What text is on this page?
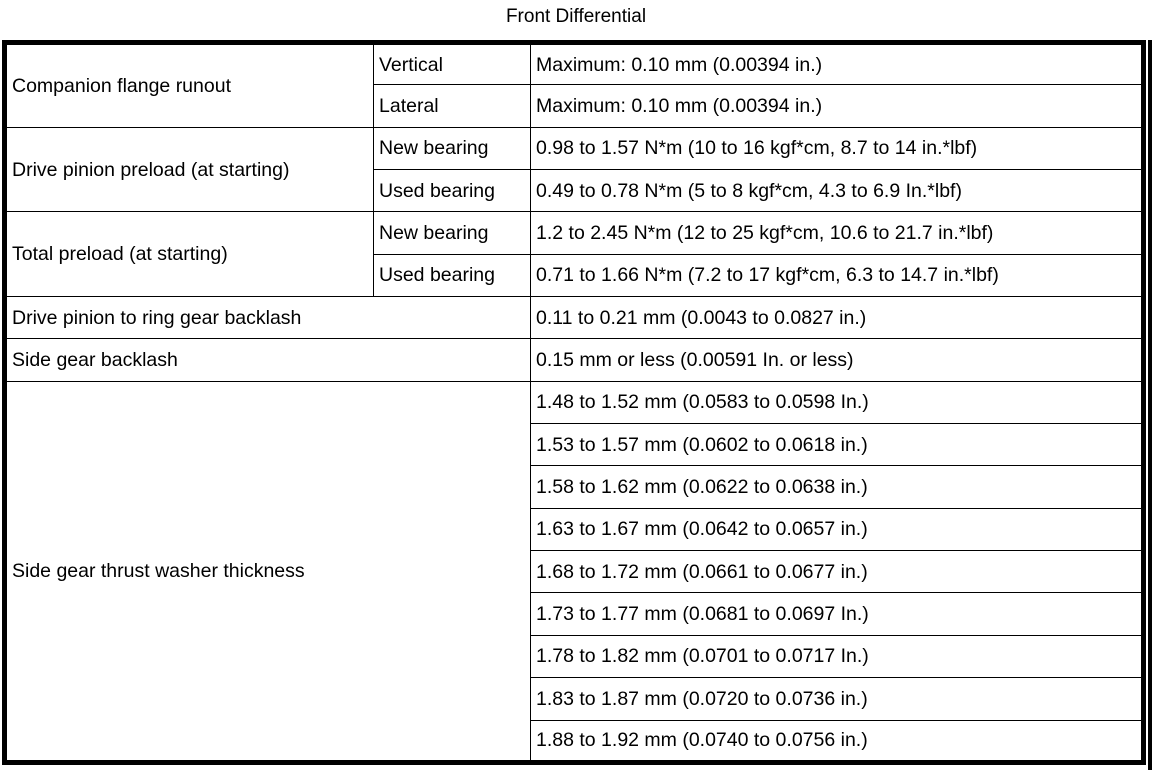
Front Differential
Companion flange runout	Vertical	Maximum: 0.10 mm (0.00394 in.)
	Lateral	Maximum: 0.10 mm (0.00394 in.)
Drive pinion preload (at starting)	New bearing	0.98 to 1.57 N*m (10 to 16 kgf*cm, 8.7 to 14 in.*lbf)
	Used bearing	0.49 to 0.78 N*m (5 to 8 kgf*cm, 4.3 to 6.9 In.*lbf)
Total preload (at starting)	New bearing	1.2 to 2.45 N*m (12 to 25 kgf*cm, 10.6 to 21.7 in.*lbf)
	Used bearing	0.71 to 1.66 N*m (7.2 to 17 kgf*cm, 6.3 to 14.7 in.*lbf)
Drive pinion to ring gear backlash		0.11 to 0.21 mm (0.0043 to 0.0827 in.)
Side gear backlash		0.15 mm or less (0.00591 In. or less)
Side gear thrust washer thickness		1.48 to 1.52 mm (0.0583 to 0.0598 In.)
		1.53 to 1.57 mm (0.0602 to 0.0618 in.)
		1.58 to 1.62 mm (0.0622 to 0.0638 in.)
		1.63 to 1.67 mm (0.0642 to 0.0657 in.)
		1.68 to 1.72 mm (0.0661 to 0.0677 in.)
		1.73 to 1.77 mm (0.0681 to 0.0697 In.)
		1.78 to 1.82 mm (0.0701 to 0.0717 In.)
		1.83 to 1.87 mm (0.0720 to 0.0736 in.)
		1.88 to 1.92 mm (0.0740 to 0.0756 in.)
